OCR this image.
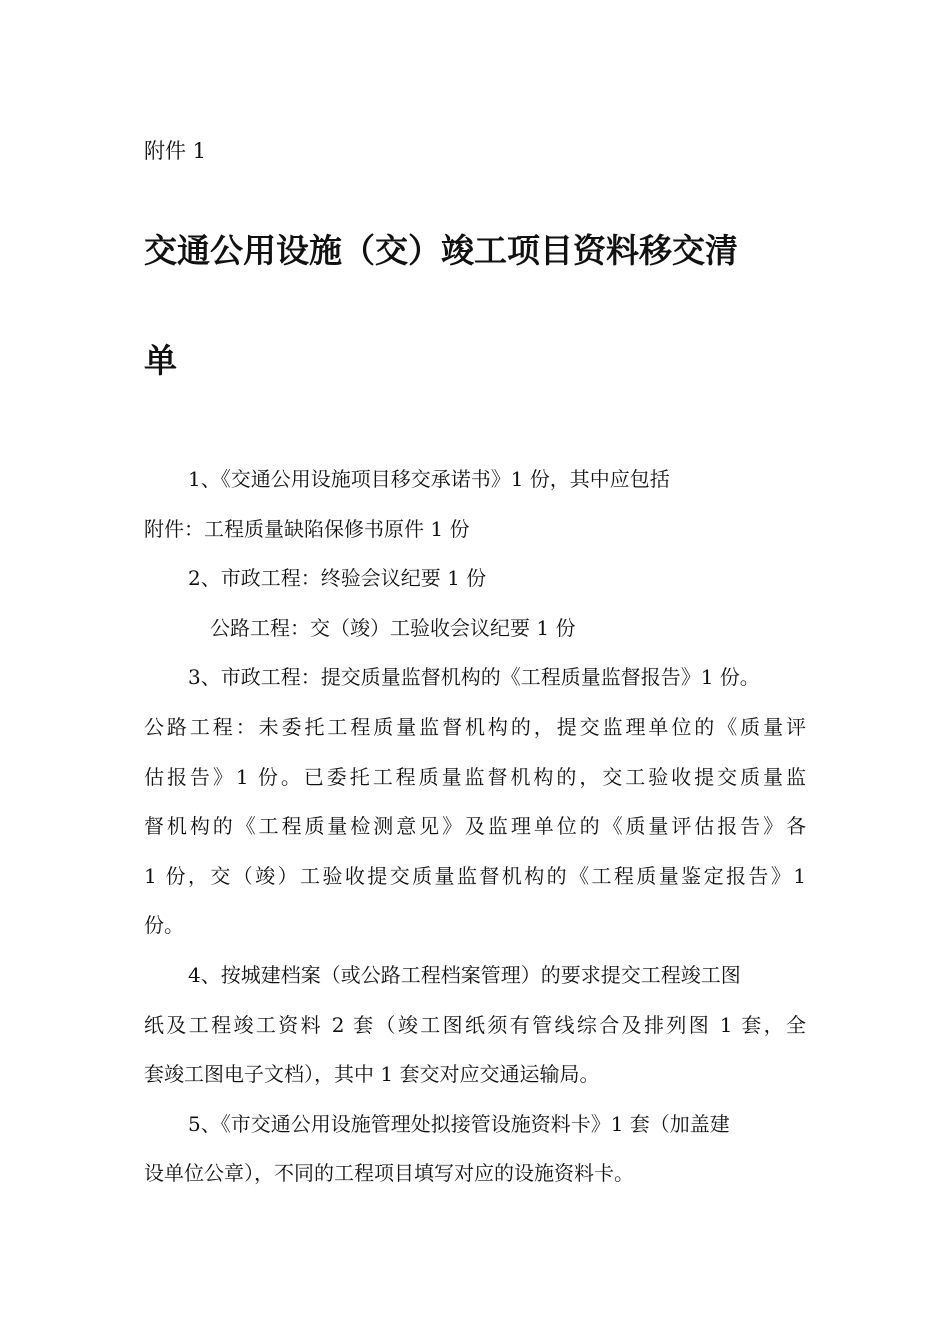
附件 1
交通公用设施（交）竣工项目资料移交清
单
1、《交通公用设施项目移交承诺书》1 份，其中应包括
附件：工程质量缺陷保修书原件 1 份
2、市政工程：终验会议纪要 1 份
公路工程：交（竣）工验收会议纪要 1 份
3、市政工程：提交质量监督机构的《工程质量监督报告》1 份。
公路工程：未委托工程质量监督机构的，提交监理单位的《质量评
估报告》1 份。已委托工程质量监督机构的，交工验收提交质量监
督机构的《工程质量检测意见》及监理单位的《质量评估报告》各
1 份，交（竣）工验收提交质量监督机构的《工程质量鉴定报告》1
份。
4、按城建档案（或公路工程档案管理）的要求提交工程竣工图
纸及工程竣工资料 2 套（竣工图纸须有管线综合及排列图 1 套，全
套竣工图电子文档），其中 1 套交对应交通运输局。
5、《市交通公用设施管理处拟接管设施资料卡》1 套（加盖建
设单位公章），不同的工程项目填写对应的设施资料卡。
